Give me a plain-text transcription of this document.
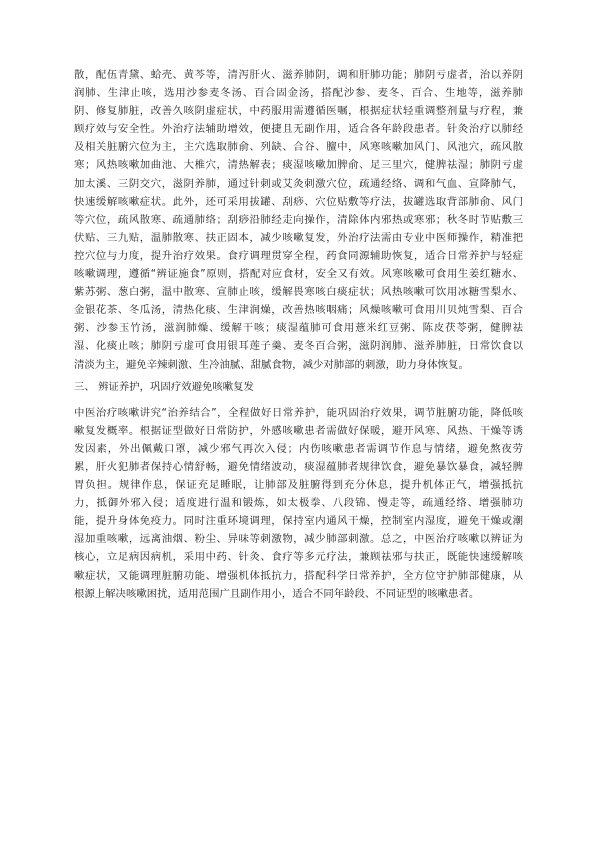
散，配伍青黛、蛤壳、黄芩等，清泻肝火、滋养肺阴，调和肝肺功能；肺阴亏虚者，治以养阴
润肺、生津止咳，选用沙参麦冬汤、百合固金汤，搭配沙参、麦冬、百合、生地等，滋养肺
阴、修复肺脏，改善久咳阴虚症状，中药服用需遵循医嘱，根据症状轻重调整剂量与疗程，兼
顾疗效与安全性。外治疗法辅助增效，便捷且无副作用，适合各年龄段患者。针灸治疗以肺经
及相关脏腑穴位为主，主穴选取肺俞、列缺、合谷、膻中，风寒咳嗽加风门、风池穴，疏风散
寒；风热咳嗽加曲池、大椎穴，清热解表；痰湿咳嗽加脾俞、足三里穴，健脾祛湿；肺阴亏虚
加太溪、三阴交穴，滋阴养肺，通过针刺或艾灸刺激穴位，疏通经络、调和气血、宣降肺气，
快速缓解咳嗽症状。此外，还可采用拔罐、刮痧、穴位贴敷等疗法，拔罐选取背部肺俞、风门
等穴位，疏风散寒、疏通肺络；刮痧沿肺经走向操作，清除体内邪热或寒邪；秋冬时节贴敷三
伏贴、三九贴，温肺散寒、扶正固本，减少咳嗽复发，外治疗法需由专业中医师操作，精准把
控穴位与力度，提升治疗效果。食疗调理贯穿全程，药食同源辅助恢复，适合日常养护与轻症
咳嗽调理，遵循“辨证施食”原则，搭配对应食材，安全又有效。风寒咳嗽可食用生姜红糖水、
紫苏粥、葱白粥，温中散寒、宣肺止咳，缓解畏寒咳白痰症状；风热咳嗽可饮用冰糖雪梨水、
金银花茶、冬瓜汤，清热化痰、生津润燥，改善热咳咽痛；风燥咳嗽可食用川贝炖雪梨、百合
粥、沙参玉竹汤，滋润肺燥、缓解干咳；痰湿蕴肺可食用薏米红豆粥、陈皮茯苓粥，健脾祛
湿、化痰止咳；肺阴亏虚可食用银耳莲子羹、麦冬百合粥，滋阴润肺、滋养肺脏，日常饮食以
清淡为主，避免辛辣刺激、生冷油腻、甜腻食物，减少对肺部的刺激，助力身体恢复。
三、 辨证养护，巩固疗效避免咳嗽复发
中医治疗咳嗽讲究“治养结合”，全程做好日常养护，能巩固治疗效果，调节脏腑功能，降低咳
嗽复发概率。根据证型做好日常防护，外感咳嗽患者需做好保暖，避开风寒、风热、干燥等诱
发因素，外出佩戴口罩，减少邪气再次入侵；内伤咳嗽患者需调节作息与情绪，避免熬夜劳
累，肝火犯肺者保持心情舒畅，避免情绪波动，痰湿蕴肺者规律饮食，避免暴饮暴食，减轻脾
胃负担。规律作息，保证充足睡眠，让肺部及脏腑得到充分休息，提升机体正气，增强抵抗
力，抵御外邪入侵；适度进行温和锻炼，如太极拳、八段锦、慢走等，疏通经络、增强肺功
能，提升身体免疫力。同时注重环境调理，保持室内通风干燥，控制室内湿度，避免干燥或潮
湿加重咳嗽，远离油烟、粉尘、异味等刺激物，减少肺部刺激。总之，中医治疗咳嗽以辨证为
核心，立足病因病机，采用中药、针灸、食疗等多元疗法，兼顾祛邪与扶正，既能快速缓解咳
嗽症状，又能调理脏腑功能、增强机体抵抗力，搭配科学日常养护，全方位守护肺部健康，从
根源上解决咳嗽困扰，适用范围广且副作用小，适合不同年龄段、不同证型的咳嗽患者。
